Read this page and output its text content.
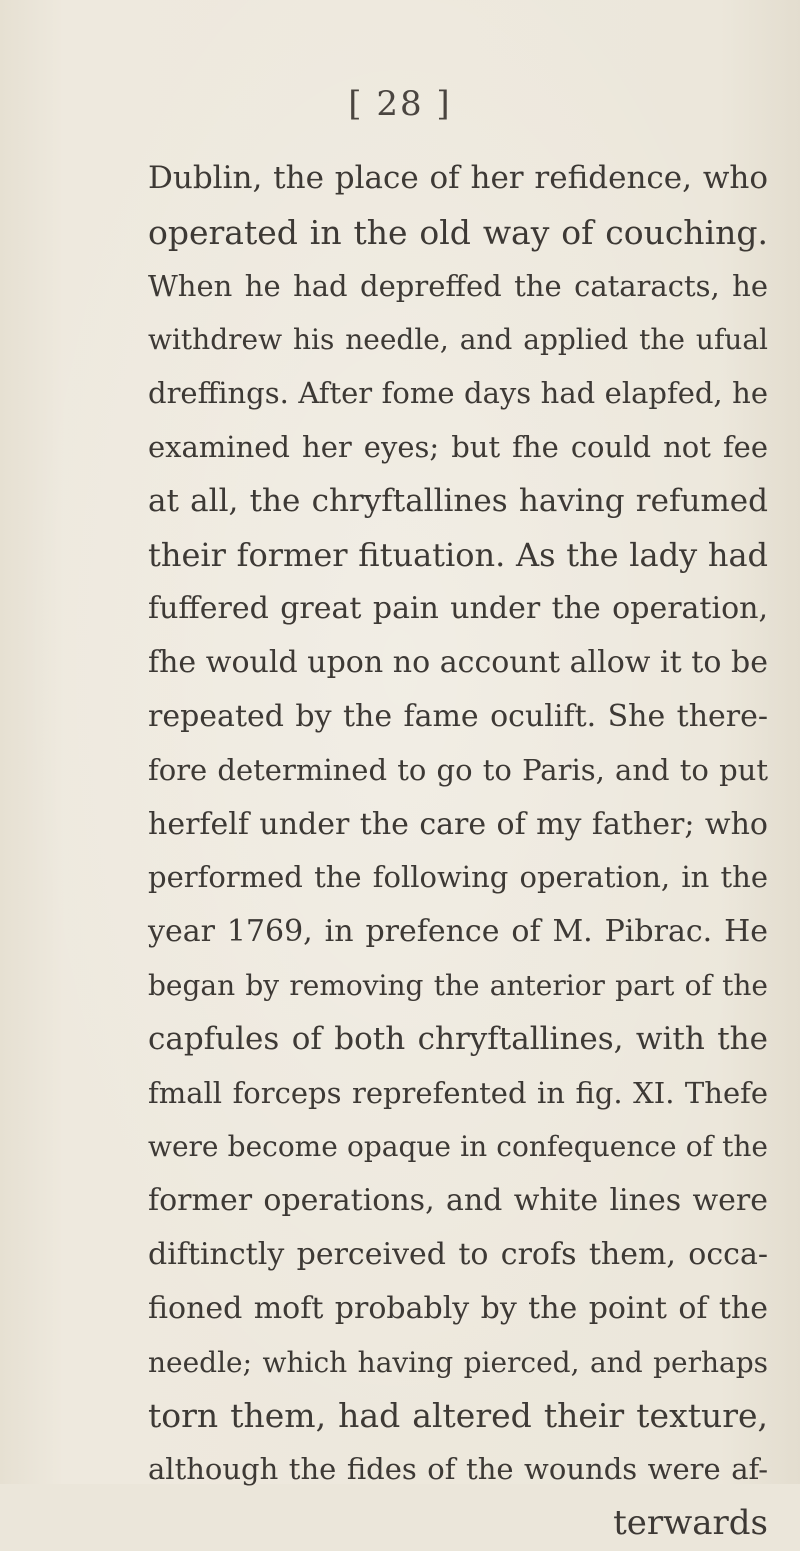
[ 28 ]
Dublin, the place of her refidence, who
operated in the old way of couching.
When he had depreffed the cataracts, he
withdrew his needle, and applied the ufual
dreffings. After fome days had elapfed, he
examined her eyes; but fhe could not fee
at all, the chryftallines having refumed
their former fituation. As the lady had
fuffered great pain under the operation,
fhe would upon no account allow it to be
repeated by the fame oculift. She there-
fore determined to go to Paris, and to put
herfelf under the care of my father; who
performed the following operation, in the
year 1769, in prefence of M. Pibrac. He
began by removing the anterior part of the
capfules of both chryftallines, with the
fmall forceps reprefented in fig. XI. Thefe
were become opaque in confequence of the
former operations, and white lines were
diftinctly perceived to crofs them, occa-
fioned moft probably by the point of the
needle; which having pierced, and perhaps
torn them, had altered their texture,
although the fides of the wounds were af-
terwards
